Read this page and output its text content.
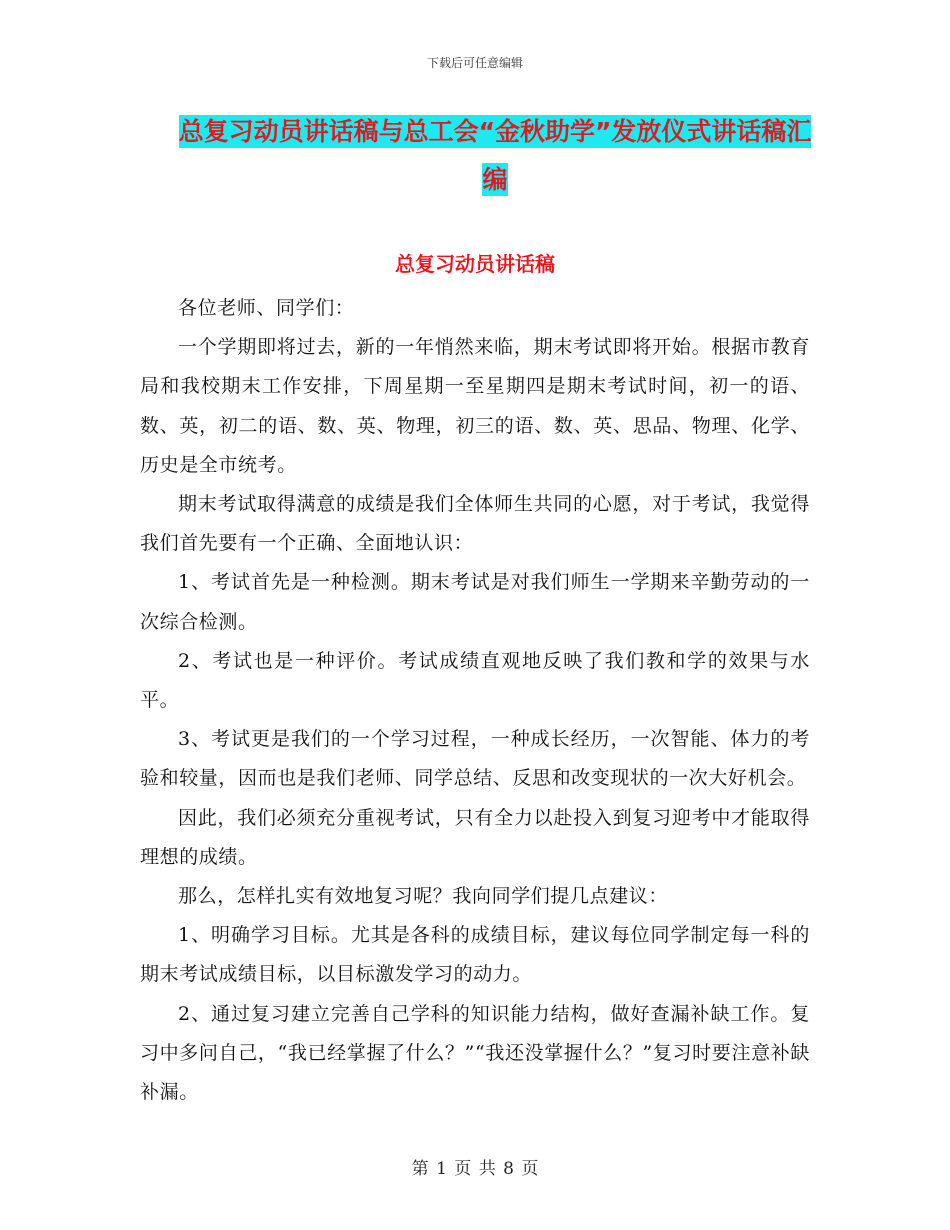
下载后可任意编辑
总复习动员讲话稿与总工会“金秋助学”发放仪式讲话稿汇编
总复习动员讲话稿

各位老师、同学们：

一个学期即将过去，新的一年悄然来临，期末考试即将开始。根据市教育局和我校期末工作安排，下周星期一至星期四是期末考试时间，初一的语、数、英，初二的语、数、英、物理，初三的语、数、英、思品、物理、化学、历史是全市统考。

期末考试取得满意的成绩是我们全体师生共同的心愿，对于考试，我觉得我们首先要有一个正确、全面地认识：

1、考试首先是一种检测。期末考试是对我们师生一学期来辛勤劳动的一次综合检测。

2、考试也是一种评价。考试成绩直观地反映了我们教和学的效果与水平。

3、考试更是我们的一个学习过程，一种成长经历，一次智能、体力的考验和较量，因而也是我们老师、同学总结、反思和改变现状的一次大好机会。

因此，我们必须充分重视考试，只有全力以赴投入到复习迎考中才能取得理想的成绩。

那么，怎样扎实有效地复习呢？我向同学们提几点建议：

1、明确学习目标。尤其是各科的成绩目标，建议每位同学制定每一科的期末考试成绩目标，以目标激发学习的动力。

2、通过复习建立完善自己学科的知识能力结构，做好查漏补缺工作。复习中多问自己，“我已经掌握了什么？”“我还没掌握什么？”复习时要注意补缺补漏。

第 1 页 共 8 页
